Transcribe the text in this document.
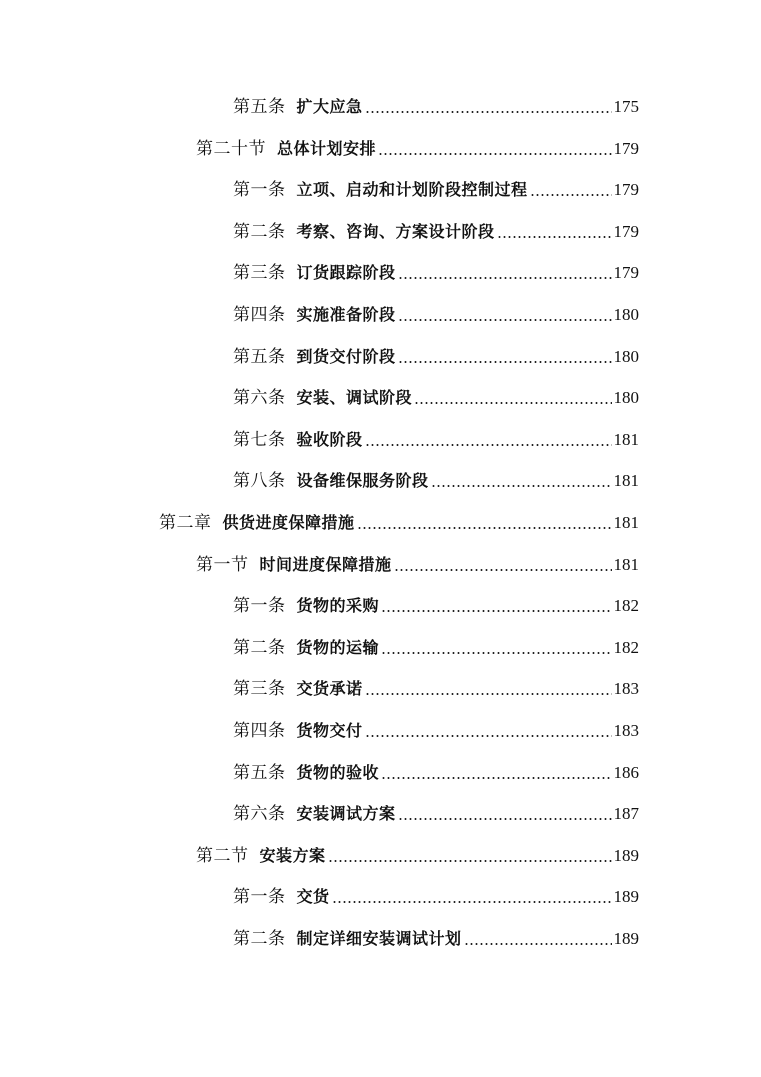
第五条 扩大应急	175
第二十节 总体计划安排	179
第一条 立项、启动和计划阶段控制过程	179
第二条 考察、咨询、方案设计阶段	179
第三条 订货跟踪阶段	179
第四条 实施准备阶段	180
第五条 到货交付阶段	180
第六条 安装、调试阶段	180
第七条 验收阶段	181
第八条 设备维保服务阶段	181
第二章 供货进度保障措施	181
第一节 时间进度保障措施	181
第一条 货物的采购	182
第二条 货物的运输	182
第三条 交货承诺	183
第四条 货物交付	183
第五条 货物的验收	186
第六条 安装调试方案	187
第二节 安装方案	189
第一条 交货	189
第二条 制定详细安装调试计划	189
